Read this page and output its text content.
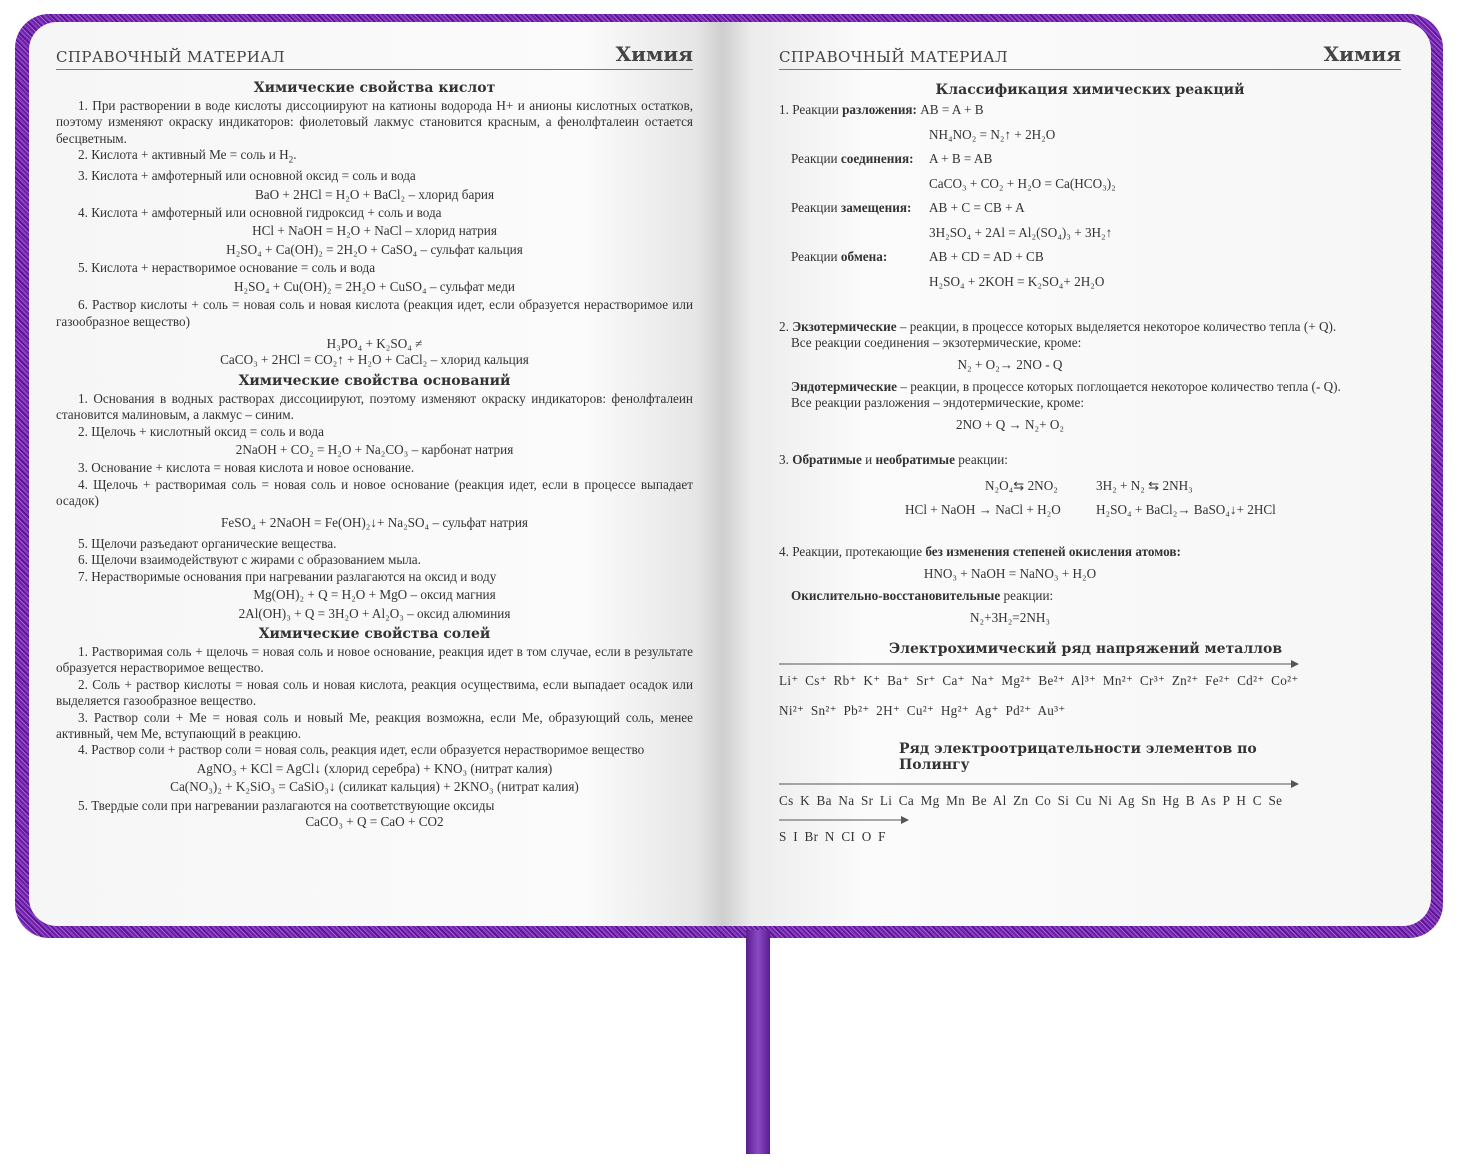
СПРАВОЧНЫЙ МАТЕРИАЛ	Химия
Химические свойства кислот

1. При растворении в воде кислоты диссоциируют на катионы водорода H+ и анионы кислотных остатков, поэтому изменяют окраску индикаторов: фиолетовый лакмус становится красным, а фенолфталеин остается бесцветным.

2. Кислота + активный Ме = соль и $H_2$.

3. Кислота + амфотерный или основной оксид = соль и вода

BaO + 2HCl = H₂O + BaCl₂ – хлорид бария

4. Кислота + амфотерный или основной гидроксид + соль и вода

HCl + NaOH = H₂O + NaCl – хлорид натрия

H₂SO₄ + Ca(OH)₂ = 2H₂O + CaSO₄ – сульфат кальция

5. Кислота + нерастворимое основание = соль и вода

H₂SO₄ + Cu(OH)₂ = 2H₂O + CuSO₄ – сульфат меди

6. Раствор кислоты + соль = новая соль и новая кислота (реакция идет, если образуется нерастворимое или газообразное вещество)

H₃PO₄ + K₂SO₄ ≠

CaCO₃ + 2HCl = CO₂↑ + H₂O + CaCl₂ – хлорид кальция

Химические свойства оснований

1. Основания в водных растворах диссоциируют, поэтому изменяют окраску индикаторов: фенолфталеин становится малиновым, а лакмус – синим.

2. Щелочь + кислотный оксид = соль и вода

2NaOH + CO₂ = H₂O + Na₂CO₃ – карбонат натрия

3. Основание + кислота = новая кислота и новое основание.

4. Щелочь + растворимая соль = новая соль и новое основание (реакция идет, если в процессе выпадает осадок)

FeSO₄ + 2NaOH = Fe(OH)₂↓+ Na₂SO₄ – сульфат натрия

5. Щелочи разъедают органические вещества.

6. Щелочи взаимодействуют с жирами с образованием мыла.

7. Нерастворимые основания при нагревании разлагаются на оксид и воду

Mg(OH)₂ + Q = H₂O + MgO – оксид магния

2Al(OH)₃ + Q = 3H₂O + Al₂O₃ – оксид алюминия

Химические свойства солей

1. Растворимая соль + щелочь = новая соль и новое основание, реакция идет в том случае, если в результате образуется нерастворимое вещество.

2. Соль + раствор кислоты = новая соль и новая кислота, реакция осуществима, если выпадает осадок или выделяется газообразное вещество.

3. Раствор соли + Ме = новая соль и новый Ме, реакция возможна, если Ме, образующий соль, менее активный, чем Ме, вступающий в реакцию.

4. Раствор соли + раствор соли = новая соль, реакция идет, если образуется нерастворимое вещество

AgNO₃ + KCl = AgCl↓ (хлорид серебра) + KNO₃ (нитрат калия)

Ca(NO₃)₂ + K₂SiO₃ = CaSiO₃↓ (силикат кальция) + 2KNO₃ (нитрат калия)

5. Твердые соли при нагревании разлагаются на соответствующие оксиды

CaCO₃ + Q = CaO + CO2

СПРАВОЧНЫЙ МАТЕРИАЛ	Химия
Классификация химических реакций
1. Реакции разложения: AB = A + B
NH₄NO₂ = N₂↑ + 2H₂O
Реакции соединения: A + B = AB
CaCO₃ + CO₂ + H₂O = Ca(HCO₃)₂
Реакции замещения: AB + C = CB + A
3H₂SO₄ + 2Al = Al₂(SO₄)₃ + 3H₂↑
Реакции обмена:	AB + CD = AD + CB
H₂SO₄ + 2KOH = K₂SO₄+ 2H₂O

2. Экзотермические – реакции, в процессе которых выделяется некоторое количество тепла (+ Q).

Все реакции соединения – экзотермические, кроме:

N₂ + O₂→ 2NO - Q

Эндотермические – реакции, в процессе которых поглощается некоторое количество тепла (- Q).

Все реакции разложения – эндотермические, кроме:

2NO + Q → N₂+ O₂

3. Обратимые и необратимые реакции:

N₂O₄⇆ 2NO₂	3H₂ + N₂ ⇆ 2NH₃
HCl + NaOH → NaCl + H₂O	H₂SO₄ + BaCl₂→ BaSO₄↓+ 2HCl

4. Реакции, протекающие без изменения степеней окисления атомов:

HNO₃ + NaOH = NaNO₃ + H₂O

Окислительно-восстановительные реакции:

N₂+3H₂=2NH₃

Электрохимический ряд напряжений металлов

Li⁺ Cs⁺ Rb⁺ K⁺ Ba⁺ Sr⁺ Ca⁺ Na⁺ Mg²⁺ Be²⁺ Al³⁺ Mn²⁺ Cr³⁺ Zn²⁺ Fe²⁺ Cd²⁺ Co²⁺

Ni²⁺ Sn²⁺ Pb²⁺ 2H⁺ Cu²⁺ Hg²⁺ Ag⁺ Pd²⁺ Au³⁺

Ряд электроотрицательности элементов по Полингу

Cs K Ba Na Sr Li Ca Mg Mn Be Al Zn Co Si Cu Ni Ag Sn Hg B As P H C Se

S I Br N CI O F
